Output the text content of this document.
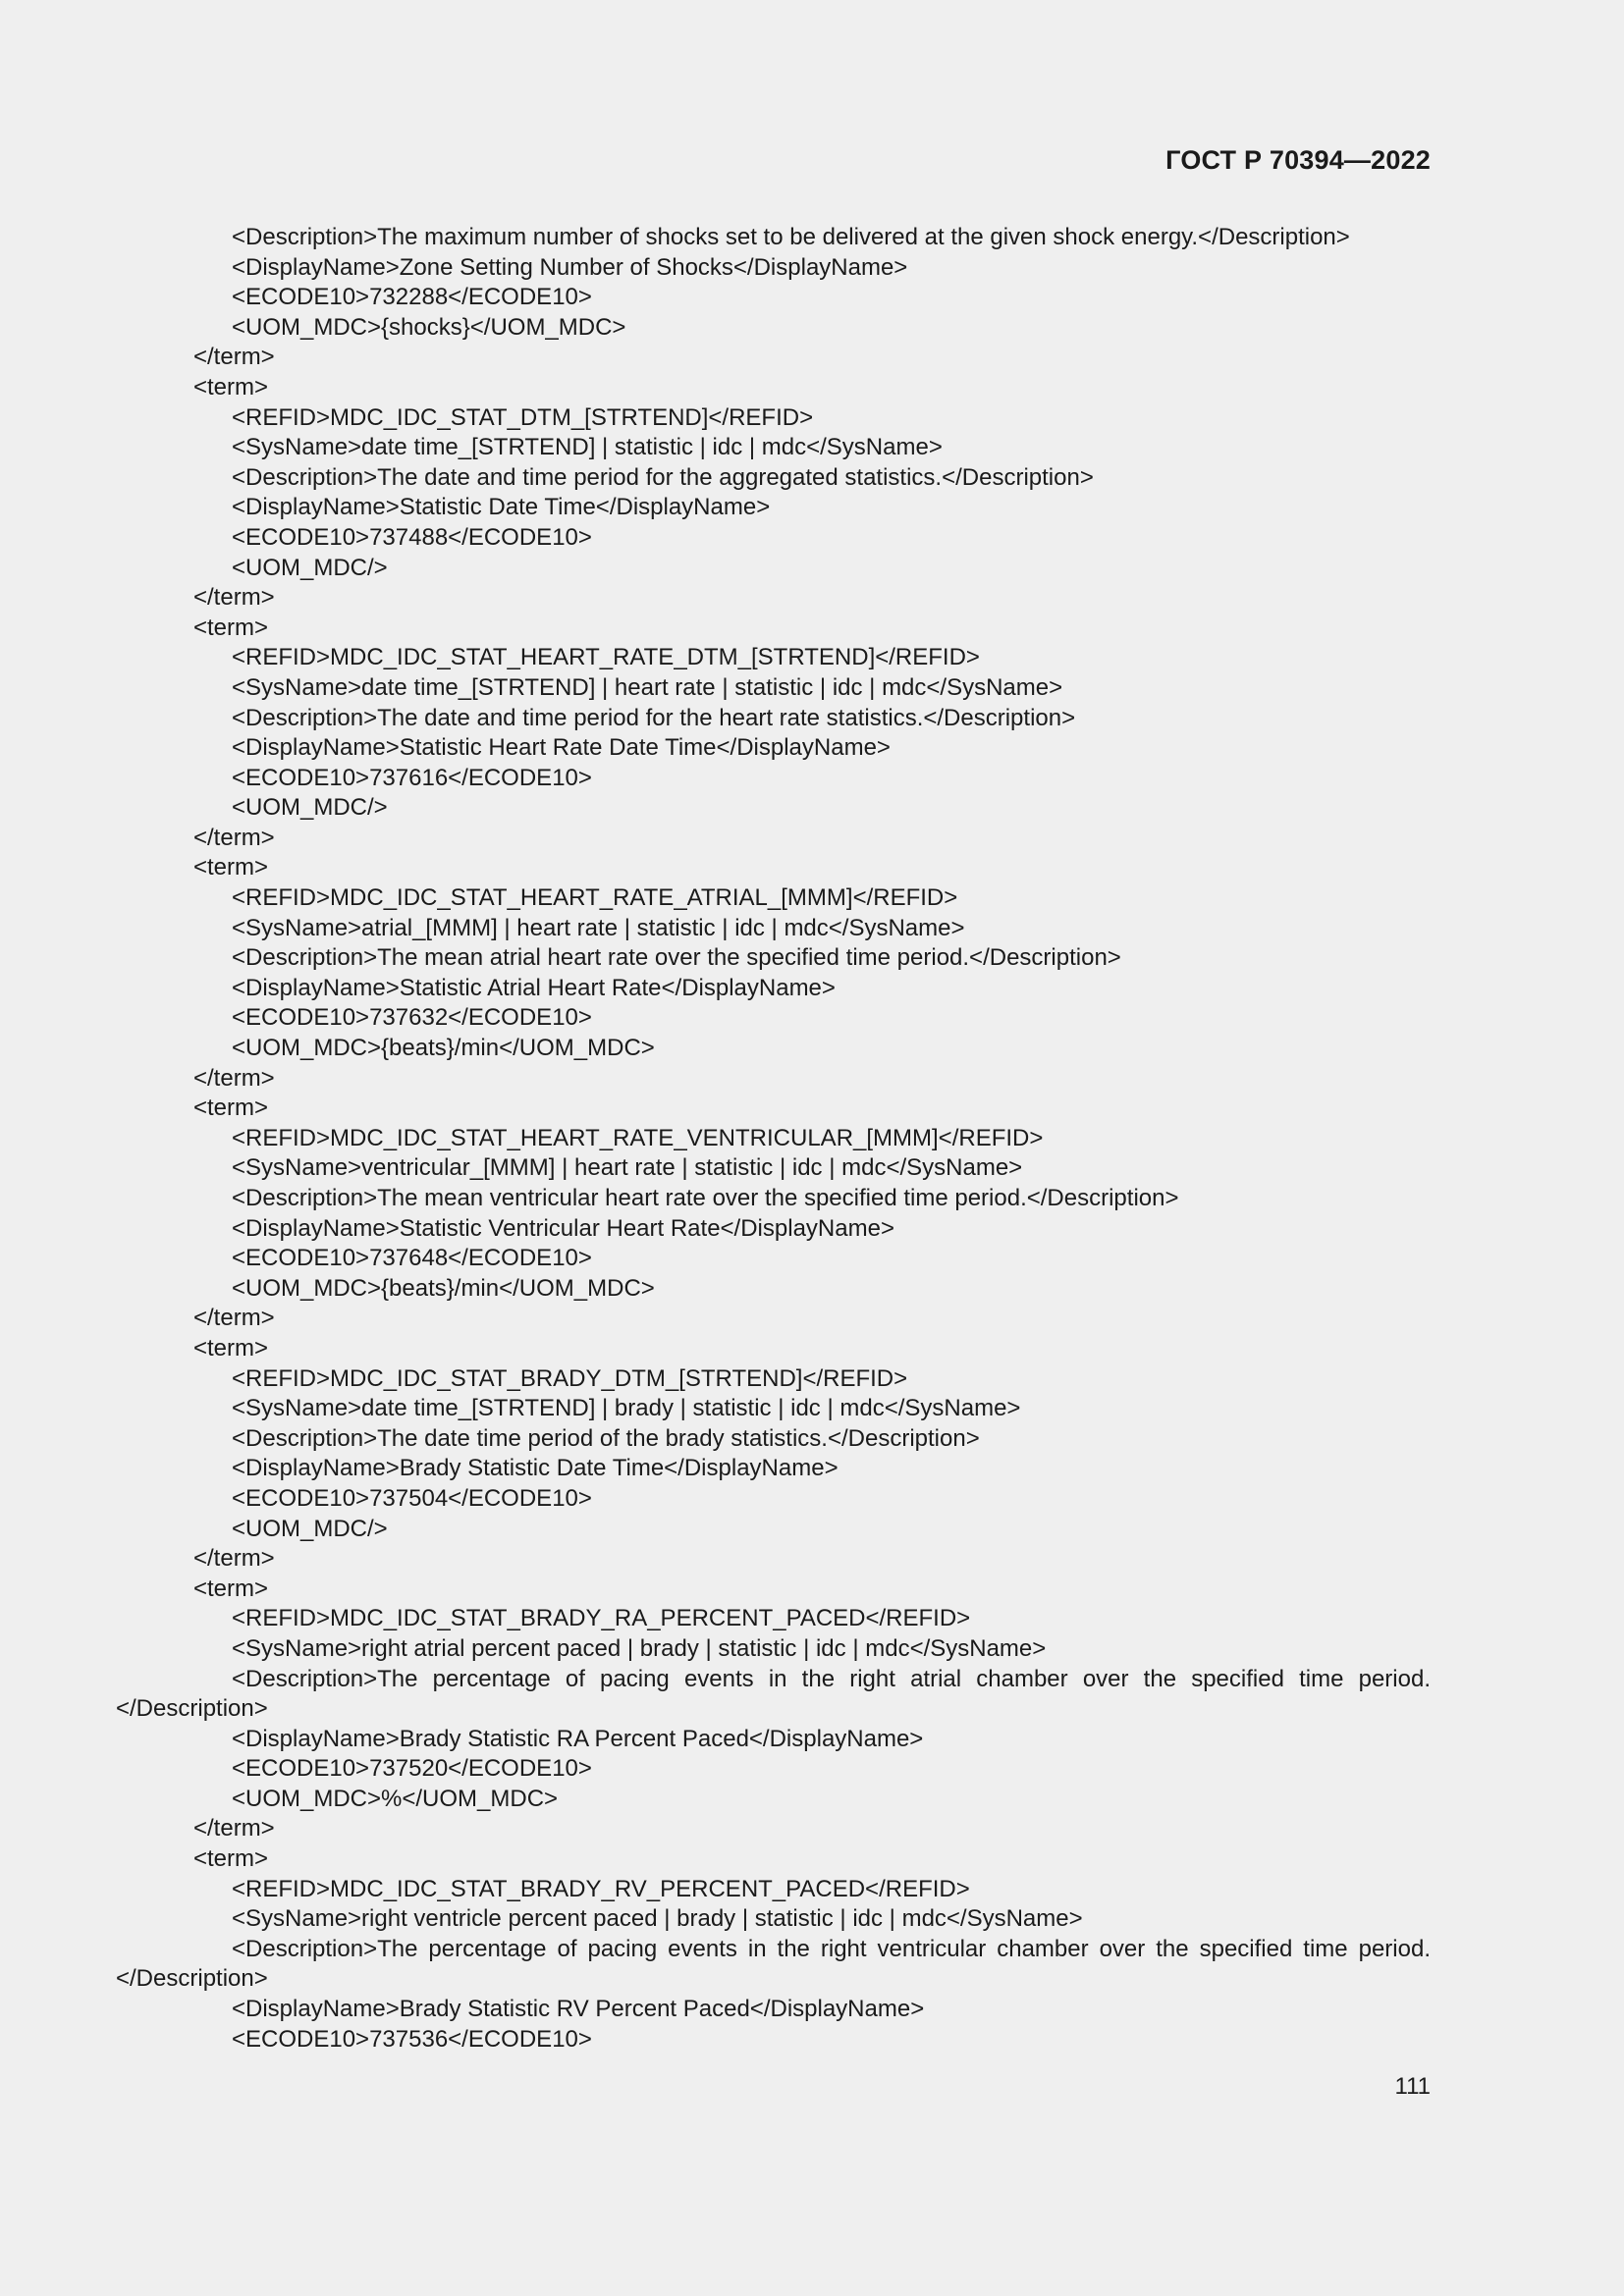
ГОСТ Р 70394—2022
<Description>The maximum number of shocks set to be delivered at the given shock energy.</Description>
<DisplayName>Zone Setting Number of Shocks</DisplayName>
<ECODE10>732288</ECODE10>
<UOM_MDC>{shocks}</UOM_MDC>
</term>
<term>
<REFID>MDC_IDC_STAT_DTM_[STRTEND]</REFID>
<SysName>date time_[STRTEND] | statistic | idc | mdc</SysName>
<Description>The date and time period for the aggregated statistics.</Description>
<DisplayName>Statistic Date Time</DisplayName>
<ECODE10>737488</ECODE10>
<UOM_MDC/>
</term>
<term>
<REFID>MDC_IDC_STAT_HEART_RATE_DTM_[STRTEND]</REFID>
<SysName>date time_[STRTEND] | heart rate | statistic | idc | mdc</SysName>
<Description>The date and time period for the heart rate statistics.</Description>
<DisplayName>Statistic Heart Rate Date Time</DisplayName>
<ECODE10>737616</ECODE10>
<UOM_MDC/>
</term>
<term>
<REFID>MDC_IDC_STAT_HEART_RATE_ATRIAL_[MMM]</REFID>
<SysName>atrial_[MMM] | heart rate | statistic | idc | mdc</SysName>
<Description>The mean atrial heart rate over the specified time period.</Description>
<DisplayName>Statistic Atrial Heart Rate</DisplayName>
<ECODE10>737632</ECODE10>
<UOM_MDC>{beats}/min</UOM_MDC>
</term>
<term>
<REFID>MDC_IDC_STAT_HEART_RATE_VENTRICULAR_[MMM]</REFID>
<SysName>ventricular_[MMM] | heart rate | statistic | idc | mdc</SysName>
<Description>The mean ventricular heart rate over the specified time period.</Description>
<DisplayName>Statistic Ventricular Heart Rate</DisplayName>
<ECODE10>737648</ECODE10>
<UOM_MDC>{beats}/min</UOM_MDC>
</term>
<term>
<REFID>MDC_IDC_STAT_BRADY_DTM_[STRTEND]</REFID>
<SysName>date time_[STRTEND] | brady | statistic | idc | mdc</SysName>
<Description>The date time period of the brady statistics.</Description>
<DisplayName>Brady Statistic Date Time</DisplayName>
<ECODE10>737504</ECODE10>
<UOM_MDC/>
</term>
<term>
<REFID>MDC_IDC_STAT_BRADY_RA_PERCENT_PACED</REFID>
<SysName>right atrial percent paced | brady | statistic | idc | mdc</SysName>
<Description>The percentage of pacing events in the right atrial chamber over the specified time period.</Description>
<DisplayName>Brady Statistic RA Percent Paced</DisplayName>
<ECODE10>737520</ECODE10>
<UOM_MDC>%</UOM_MDC>
</term>
<term>
<REFID>MDC_IDC_STAT_BRADY_RV_PERCENT_PACED</REFID>
<SysName>right ventricle percent paced | brady | statistic | idc | mdc</SysName>
<Description>The percentage of pacing events in the right ventricular chamber over the specified time period.</Description>
<DisplayName>Brady Statistic RV Percent Paced</DisplayName>
<ECODE10>737536</ECODE10>
111
